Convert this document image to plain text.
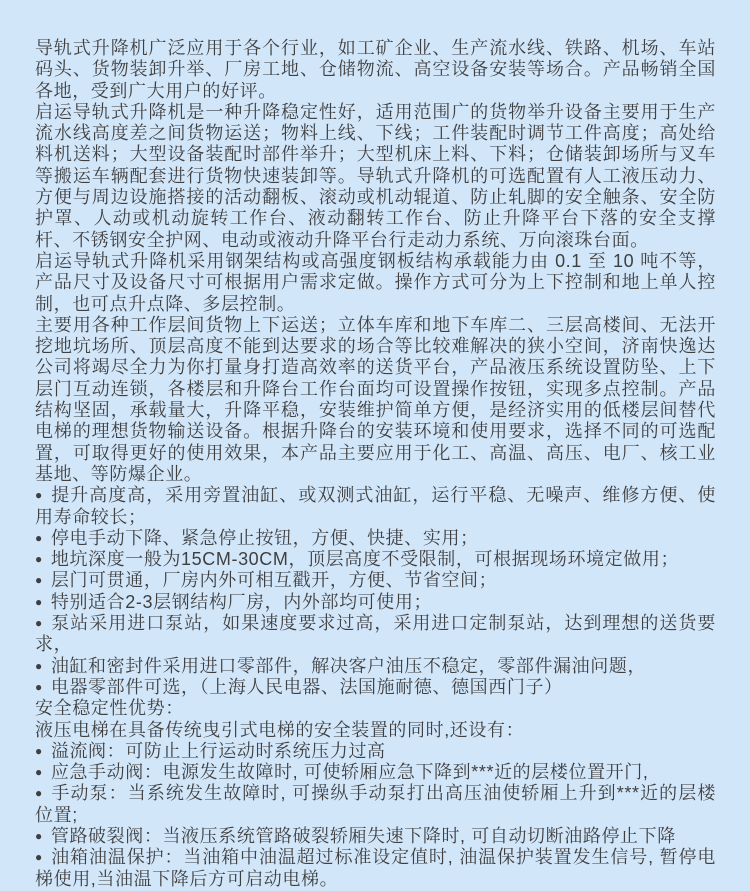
导轨式升降机广泛应用于各个行业，如工矿企业、生产流水线、铁路、机场、车站码头、货物装卸升举、厂房工地、仓储物流、高空设备安装等场合。产品畅销全国各地，受到广大用户的好评。

启运导轨式升降机是一种升降稳定性好，适用范围广的货物举升设备主要用于生产流水线高度差之间货物运送；物料上线、下线；工件装配时调节工件高度；高处给料机送料；大型设备装配时部件举升；大型机床上料、下料；仓储装卸场所与叉车等搬运车辆配套进行货物快速装卸等。导轨式升降机的可选配置有人工液压动力、方便与周边设施搭接的活动翻板、滚动或机动辊道、防止轧脚的安全触条、安全防护罩、人动或机动旋转工作台、液动翻转工作台、防止升降平台下落的安全支撑杆、不锈钢安全护网、电动或液动升降平台行走动力系统、万向滚珠台面。

启运导轨式升降机采用钢架结构或高强度钢板结构承载能力由 0.1 至 10 吨不等，产品尺寸及设备尺寸可根据用户需求定做。操作方式可分为上下控制和地上单人控制，也可点升点降、多层控制。

主要用各种工作层间货物上下运送；立体车库和地下车库二、三层高楼间、无法开挖地坑场所、顶层高度不能到达要求的场合等比较难解决的狭小空间，济南快逸达公司将竭尽全力为你打量身打造高效率的送货平台，产品液压系统设置防坠、上下层门互动连锁，各楼层和升降台工作台面均可设置操作按钮，实现多点控制。产品结构坚固，承载量大，升降平稳，安装维护简单方便，是经济实用的低楼层间替代电梯的理想货物输送设备。根据升降台的安装环境和使用要求，选择不同的可选配置，可取得更好的使用效果，本产品主要应用于化工、高温、高压、电厂、核工业基地、等防爆企业。

● 提升高度高，采用旁置油缸、或双测式油缸，运行平稳、无噪声、维修方便、使用寿命较长；

● 停电手动下降、紧急停止按钮，方便、快捷、实用；

● 地坑深度一般为15CM-30CM，顶层高度不受限制，可根据现场环境定做用；

● 层门可贯通，厂房内外可相互戳开，方便、节省空间；

● 特别适合2-3层钢结构厂房，内外部均可使用；

● 泵站采用进口泵站，如果速度要求过高，采用进口定制泵站，达到理想的送货要求，

● 油缸和密封件采用进口零部件，解决客户油压不稳定，零部件漏油问题，

● 电器零部件可选，（上海人民电器、法国施耐德、德国西门子）

安全稳定性优势：

液压电梯在具备传统曳引式电梯的安全装置的同时,还设有：

● 溢流阀：可防止上行运动时系统压力过高

● 应急手动阀：电源发生故障时, 可使轿厢应急下降到***近的层楼位置开门,

● 手动泵：当系统发生故障时, 可操纵手动泵打出高压油使轿厢上升到***近的层楼位置;

● 管路破裂阀：当液压系统管路破裂轿厢失速下降时, 可自动切断油路停止下降

● 油箱油温保护：当油箱中油温超过标准设定值时, 油温保护装置发生信号, 暂停电梯使用,当油温下降后方可启动电梯。
